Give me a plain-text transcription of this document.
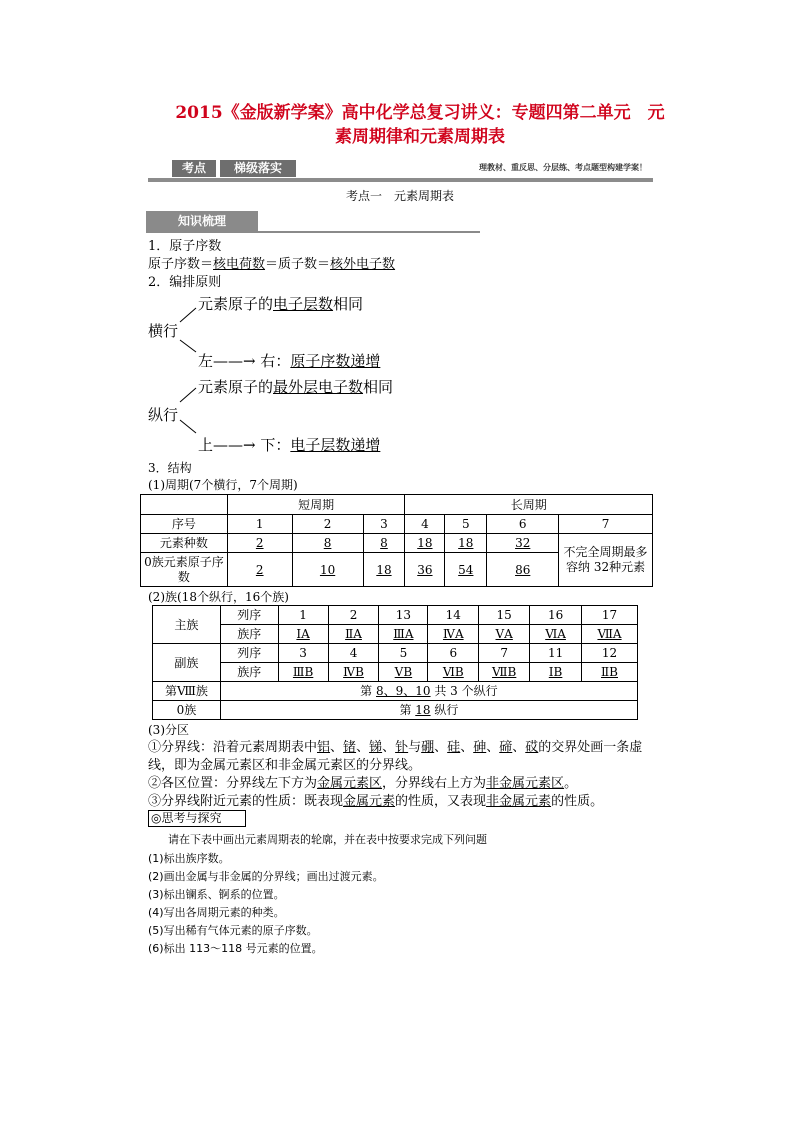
2015《金版新学案》高中化学总复习讲义：专题四第二单元　元
素周期律和元素周期表
考点	梯级落实	理教材、重反思、分层练、考点题型构建学案！
考点一　元素周期表
知识梳理
1．原子序数
原子序数＝核电荷数＝质子数＝核外电子数
2．编排原则
元素原子的电子层数相同
横行
左——→ 右：原子序数递增
元素原子的最外层电子数相同
纵行
上——→ 下：电子层数递增
3．结构
(1)周期(7个横行，7个周期)
	短周期			长周期			
序号	1	2	3	4	5	6	7
元素种数	2	8	8	18	18	32	不完全周期最多容纳 32种元素
0族元素原子序数	2	10	18	36	54	86	
(2)族(18个纵行，16个族)
主族	列序	1	2	13	14	15	16	17
	族序	ⅠA	ⅡA	ⅢA	ⅣA	ⅤA	ⅥA	ⅦA
副族	列序	3	4	5	6	7	11	12
	族序	ⅢB	ⅣB	ⅤB	ⅥB	ⅦB	ⅠB	ⅡB
第Ⅷ族	第 8、9、10 共 3 个纵行							
0族	第 18 纵行							
(3)分区
①分界线：沿着元素周期表中铝、锗、锑、钋与硼、硅、砷、碲、砹的交界处画一条虚
线，即为金属元素区和非金属元素区的分界线。
②各区位置：分界线左下方为金属元素区，分界线右上方为非金属元素区。
③分界线附近元素的性质：既表现金属元素的性质，又表现非金属元素的性质。
◎思考与探究
请在下表中画出元素周期表的轮廓，并在表中按要求完成下列问题
(1)标出族序数。
(2)画出金属与非金属的分界线；画出过渡元素。
(3)标出镧系、锕系的位置。
(4)写出各周期元素的种类。
(5)写出稀有气体元素的原子序数。
(6)标出 113～118 号元素的位置。
